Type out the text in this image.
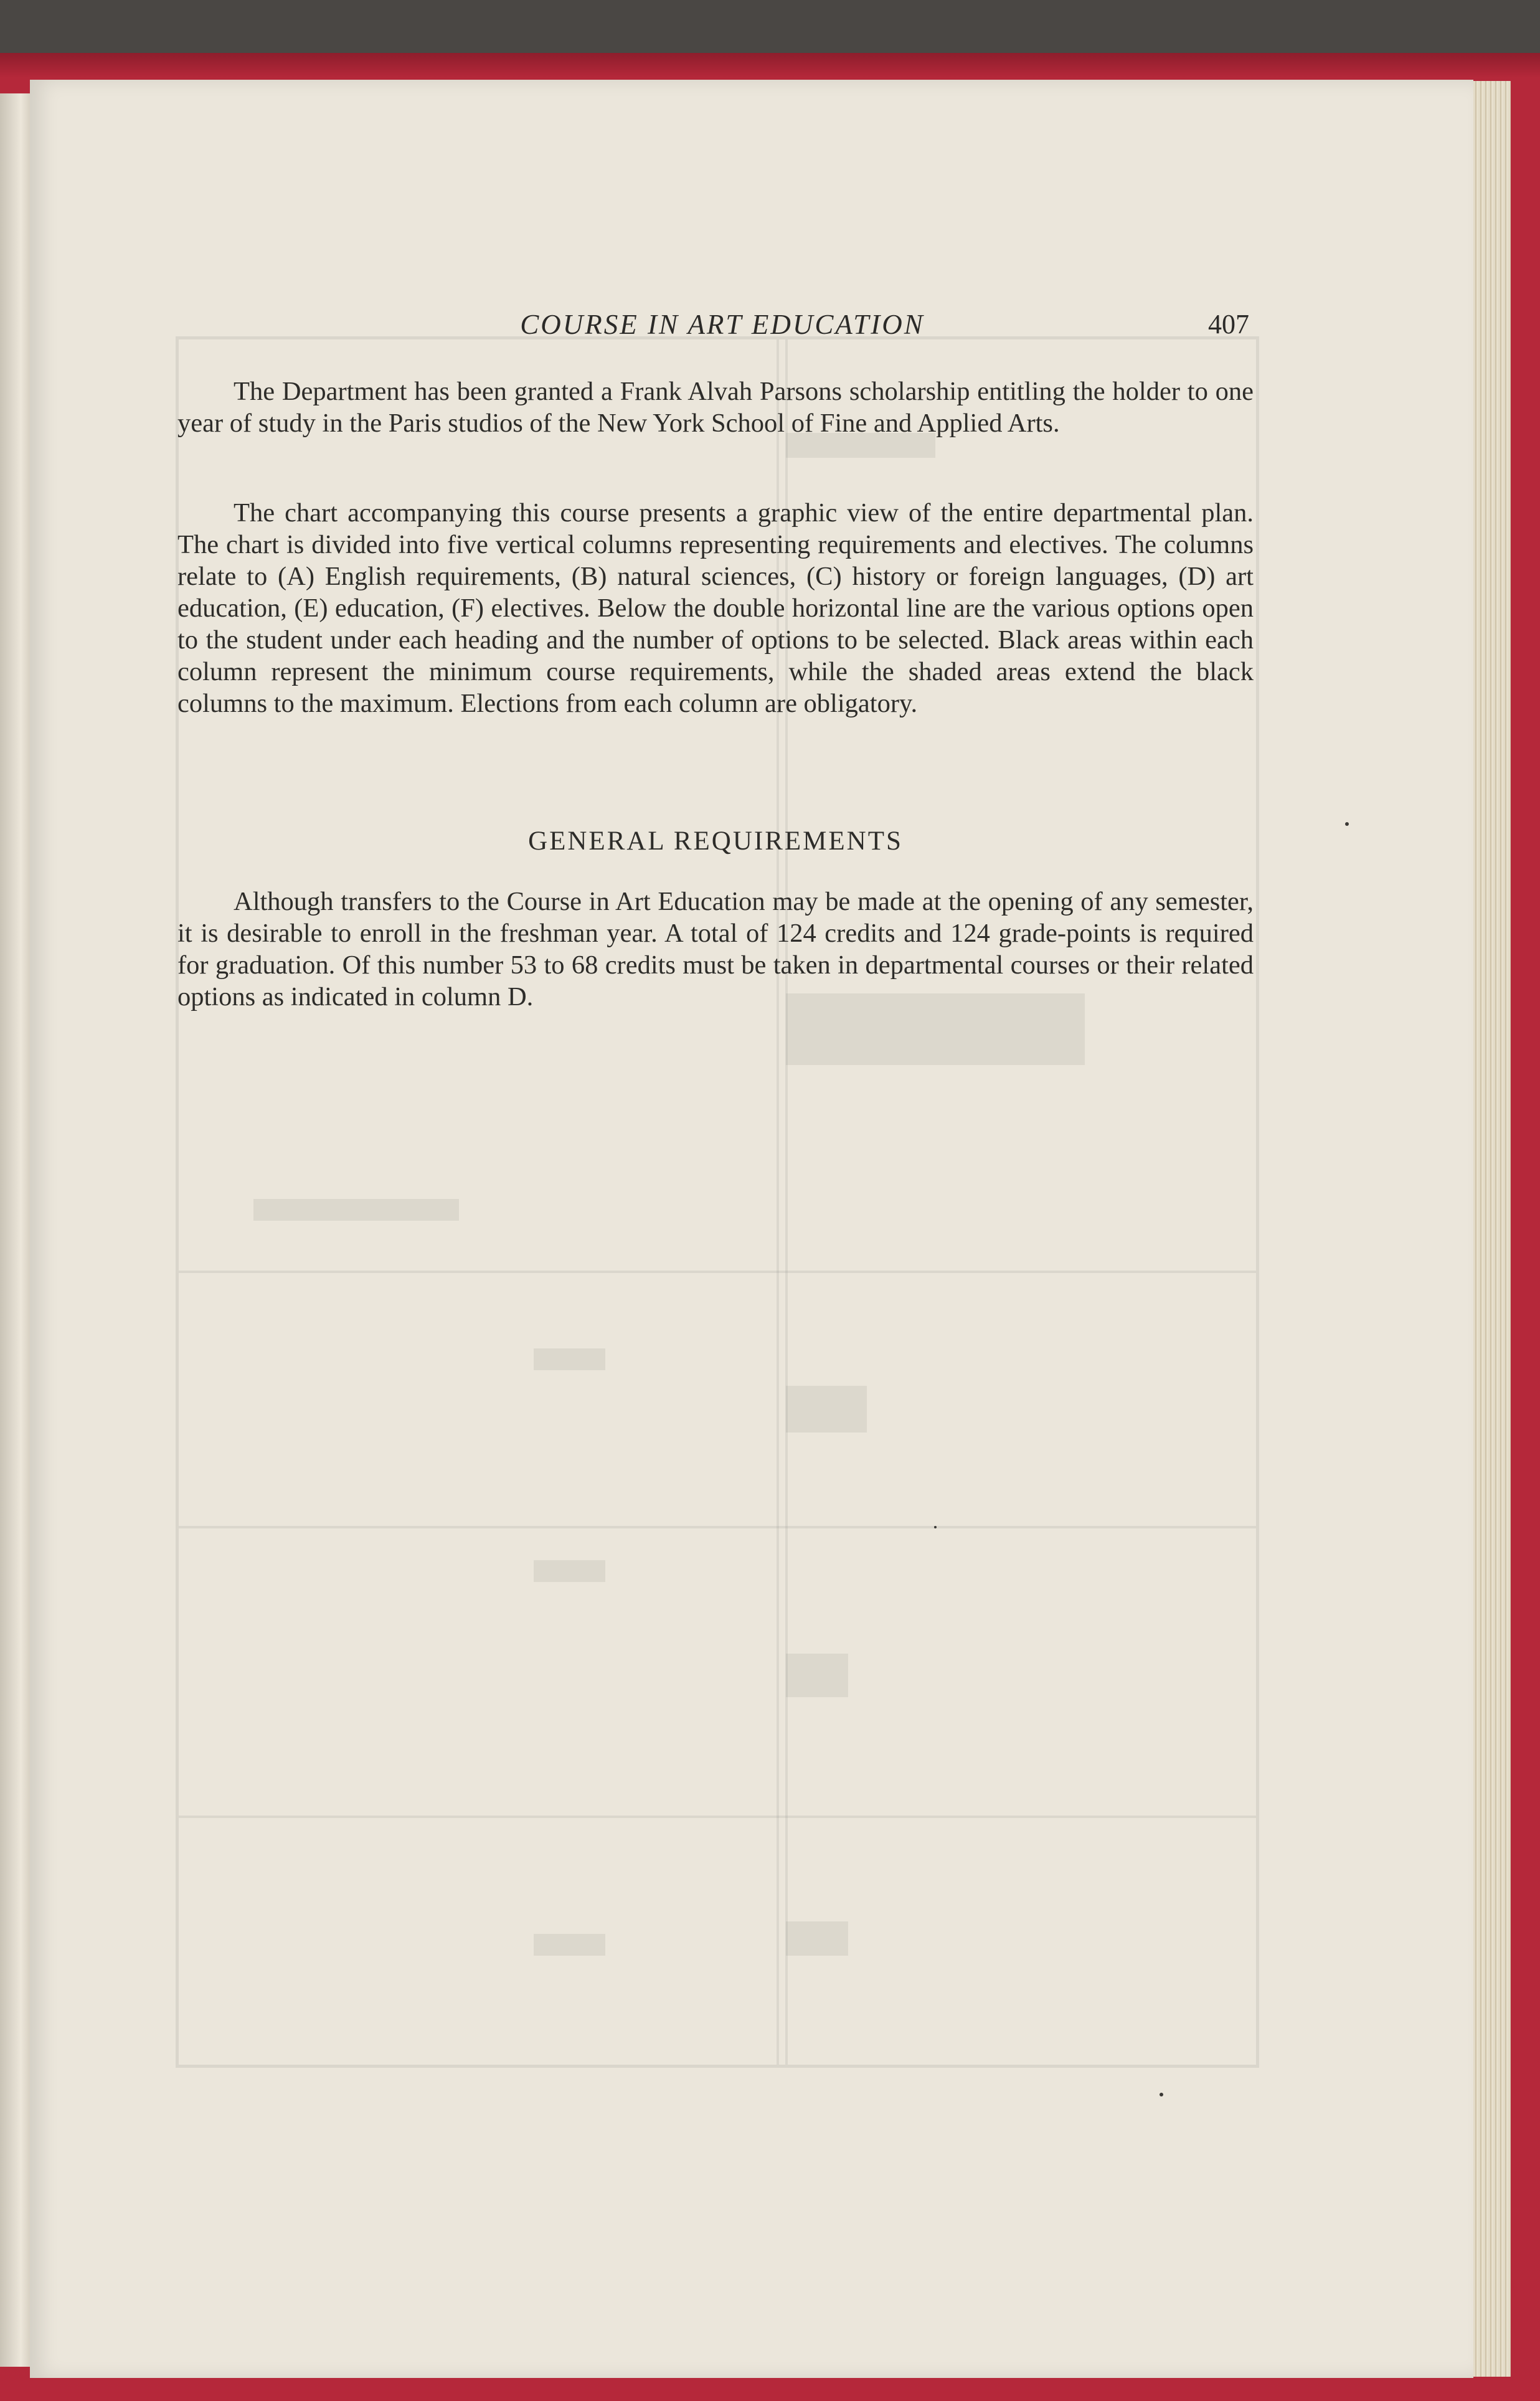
COURSE IN ART EDUCATION	407

The Department has been granted a Frank Alvah Parsons scholarship entitling the holder to one year of study in the Paris studios of the New York School of Fine and Applied Arts.

The chart accompanying this course presents a graphic view of the entire departmental plan. The chart is divided into five vertical columns representing requirements and electives. The columns relate to (A) English requirements, (B) natural sciences, (C) history or foreign languages, (D) art education, (E) education, (F) electives. Below the double horizontal line are the various options open to the student under each heading and the number of options to be selected. Black areas within each column represent the minimum course requirements, while the shaded areas extend the black columns to the maximum. Elections from each column are obligatory.

GENERAL REQUIREMENTS

Although transfers to the Course in Art Education may be made at the opening of any semester, it is desirable to enroll in the freshman year. A total of 124 credits and 124 grade-points is required for graduation. Of this number 53 to 68 credits must be taken in departmental courses or their related options as indicated in column D.
